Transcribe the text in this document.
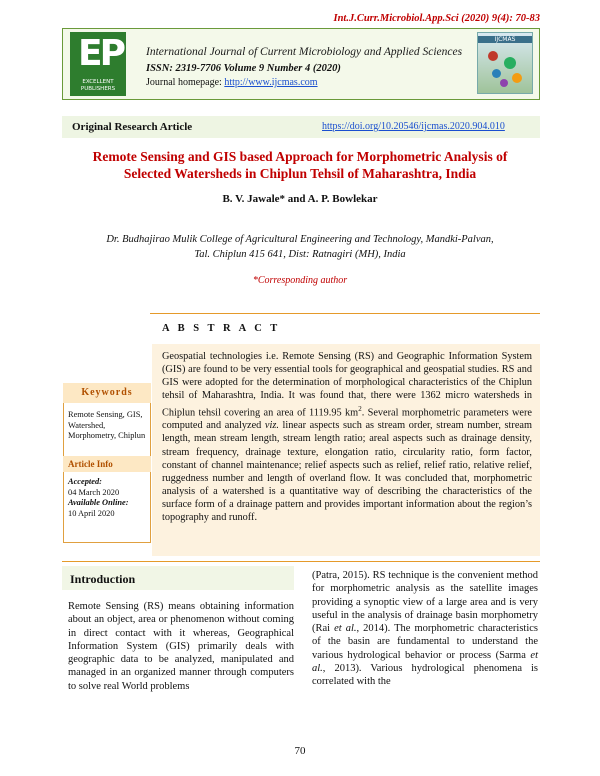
Int.J.Curr.Microbiol.App.Sci (2020) 9(4): 70-83
EP
EXCELLENT PUBLISHERS
IJCMAS
International Journal of Current Microbiology and Applied Sciences
ISSN: 2319-7706 Volume 9 Number 4 (2020)
Journal homepage: http://www.ijcmas.com
Original Research Article	https://doi.org/10.20546/ijcmas.2020.904.010
Remote Sensing and GIS based Approach for Morphometric Analysis of
Selected Watersheds in Chiplun Tehsil of Maharashtra, India
B. V. Jawale* and A. P. Bowlekar
Dr. Budhajirao Mulik College of Agricultural Engineering and Technology, Mandki-Palvan,
Tal. Chiplun 415 641, Dist: Ratnagiri (MH), India
*Corresponding author
A B S T R A C T
Geospatial technologies i.e. Remote Sensing (RS) and Geographic Information System (GIS) are found to be very essential tools for geographical and geospatial studies. RS and GIS were adopted for the determination of morphological characteristics of the Chiplun tehsil of Maharashtra, India. It was found that, there were 1362 micro watersheds in Chiplun tehsil covering an area of 1119.95 $km^2$. Several morphometric parameters were computed and analyzed viz. linear aspects such as stream order, stream number, stream length, mean stream length, stream length ratio; areal aspects such as drainage density, stream frequency, drainage texture, elongation ratio, circularity ratio, form factor, constant of channel maintenance; relief aspects such as relief, relief ratio, relative relief, ruggedness number and length of overland flow. It was concluded that, morphometric analysis of a watershed is a quantitative way of describing the characteristics of the surface form of a drainage pattern and provides important information about the region’s topography and runoff.
Keywords
Remote Sensing, GIS, Watershed, Morphometry, Chiplun
Article Info
Accepted:
04 March 2020
Available Online:
10 April 2020
Introduction
Remote Sensing (RS) means obtaining information about an object, area or phenomenon without coming in direct contact with it whereas, Geographical Information System (GIS) primarily deals with geographic data to be analyzed, manipulated and managed in an organized manner through computers to solve real World problems
(Patra, 2015). RS technique is the convenient method for morphometric analysis as the satellite images providing a synoptic view of a large area and is very useful in the analysis of drainage basin morphometry (Rai et al., 2014). The morphometric characteristics of the basin are fundamental to understand the various hydrological behavior or process (Sarma et al., 2013). Various hydrological phenomena is correlated with the
70
